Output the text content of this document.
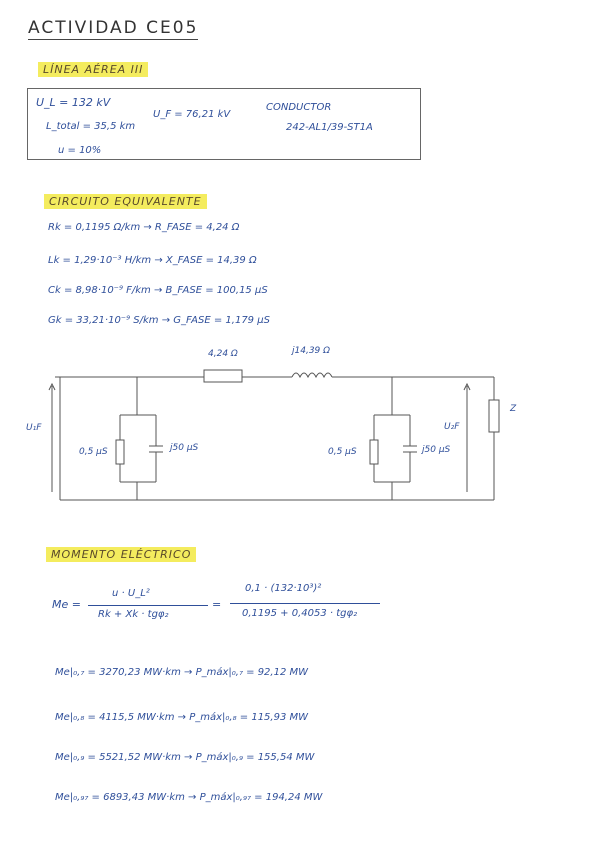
ACTIVIDAD CE05
LÍNEA AÉREA III
U_L = 132 kV
L_total = 35,5 km
u = 10%
U_F = 76,21 kV
CONDUCTOR
242-AL1/39-ST1A
CIRCUITO EQUIVALENTE
Rk = 0,1195 Ω/km → R_FASE = 4,24 Ω
Lk = 1,29·10⁻³ H/km → X_FASE = 14,39 Ω
Ck = 8,98·10⁻⁹ F/km → B_FASE = 100,15 µS
Gk = 33,21·10⁻⁹ S/km → G_FASE = 1,179 µS
4,24 Ω	j14,39 Ω
U₁F	U₂F
0,5 µS	j50 µS	0,5 µS	j50 µS
Z
MOMENTO ELÉCTRICO
Me =
u · U_L²
Rk + Xk · tgφ₂
=
0,1 · (132·10³)²
0,1195 + 0,4053 · tgφ₂
Me|₀,₇ = 3270,23 MW·km → P_máx|₀,₇ = 92,12 MW
Me|₀,₈ = 4115,5 MW·km → P_máx|₀,₈ = 115,93 MW
Me|₀,₉ = 5521,52 MW·km → P_máx|₀,₉ = 155,54 MW
Me|₀,₉₇ = 6893,43 MW·km → P_máx|₀,₉₇ = 194,24 MW
